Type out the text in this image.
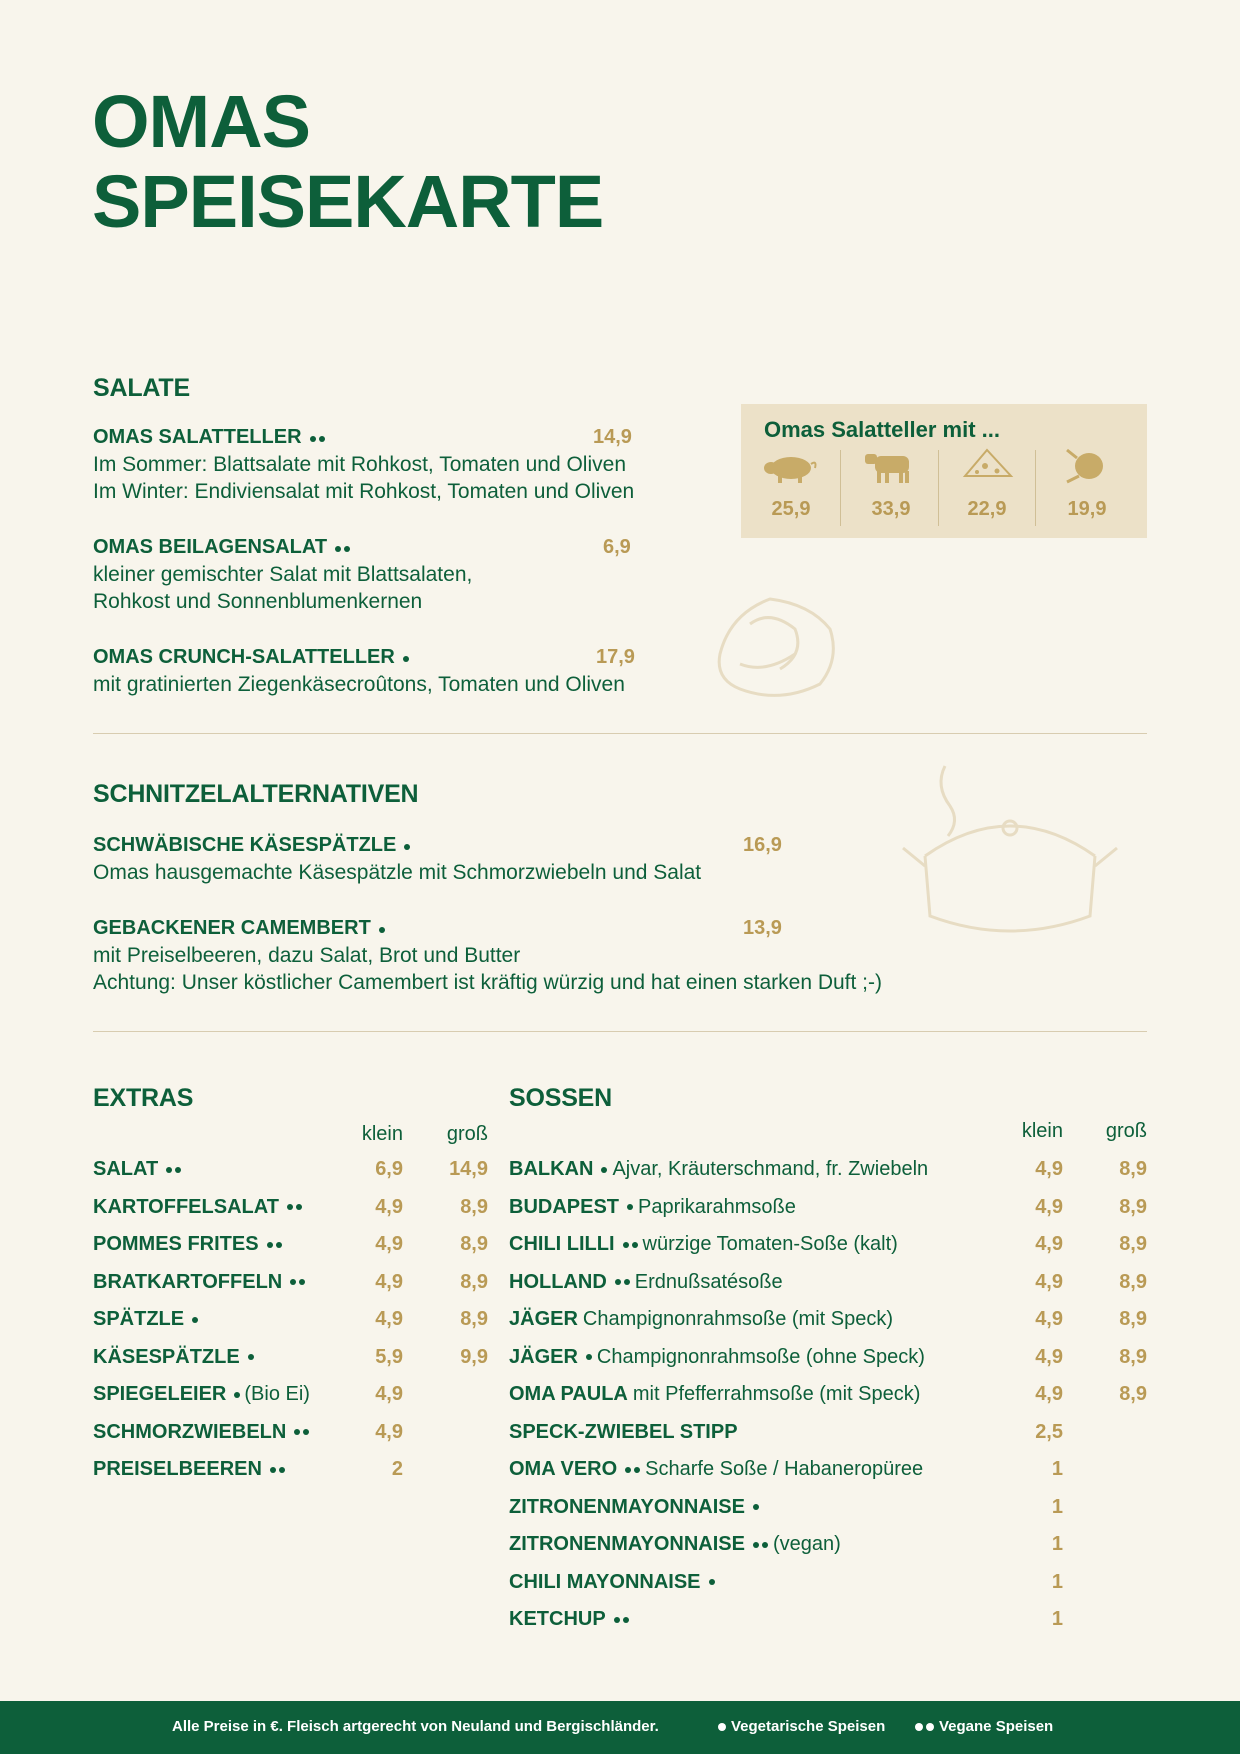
OMAS
SPEISEKARTE
SALATE
OMAS SALATTELLER	14,9
Im Sommer: Blattsalate mit Rohkost, Tomaten und Oliven
Im Winter: Endiviensalat mit Rohkost, Tomaten und Oliven
OMAS BEILAGENSALAT	6,9
kleiner gemischter Salat mit Blattsalaten,
Rohkost und Sonnenblumenkernen
OMAS CRUNCH-SALATTELLER	17,9
mit gratinierten Ziegenkäsecroûtons, Tomaten und Oliven
Omas Salatteller mit ...
25,9	33,9	22,9	19,9
SCHNITZELALTERNATIVEN
SCHWÄBISCHE KÄSESPÄTZLE	16,9
Omas hausgemachte Käsespätzle mit Schmorzwiebeln und Salat
GEBACKENER CAMEMBERT	13,9
mit Preiselbeeren, dazu Salat, Brot und Butter
Achtung: Unser köstlicher Camembert ist kräftig würzig und hat einen starken Duft ;-)
EXTRAS
klein	groß
SALAT	6,9	14,9
KARTOFFELSALAT	4,9	8,9
POMMES FRITES	4,9	8,9
BRATKARTOFFELN	4,9	8,9
SPÄTZLE	4,9	8,9
KÄSESPÄTZLE	5,9	9,9
SPIEGELEIER (Bio Ei)	4,9
SCHMORZWIEBELN	4,9
PREISELBEEREN	2
SOSSEN
klein	groß
BALKAN Ajvar, Kräuterschmand, fr. Zwiebeln	4,9	8,9
BUDAPEST Paprikarahmsoße	4,9	8,9
CHILI LILLI würzige Tomaten-Soße (kalt)	4,9	8,9
HOLLAND Erdnußsatésoße	4,9	8,9
JÄGER Champignonrahmsoße (mit Speck)	4,9	8,9
JÄGER Champignonrahmsoße (ohne Speck)	4,9	8,9
OMA PAULA mit Pfefferrahmsoße (mit Speck)	4,9	8,9
SPECK-ZWIEBEL STIPP	2,5
OMA VERO Scharfe Soße / Habaneropüree	1
ZITRONENMAYONNAISE	1
ZITRONENMAYONNAISE (vegan)	1
CHILI MAYONNAISE	1
KETCHUP	1
Alle Preise in €. Fleisch artgerecht von Neuland und Bergischländer.	Vegetarische Speisen	Vegane Speisen
